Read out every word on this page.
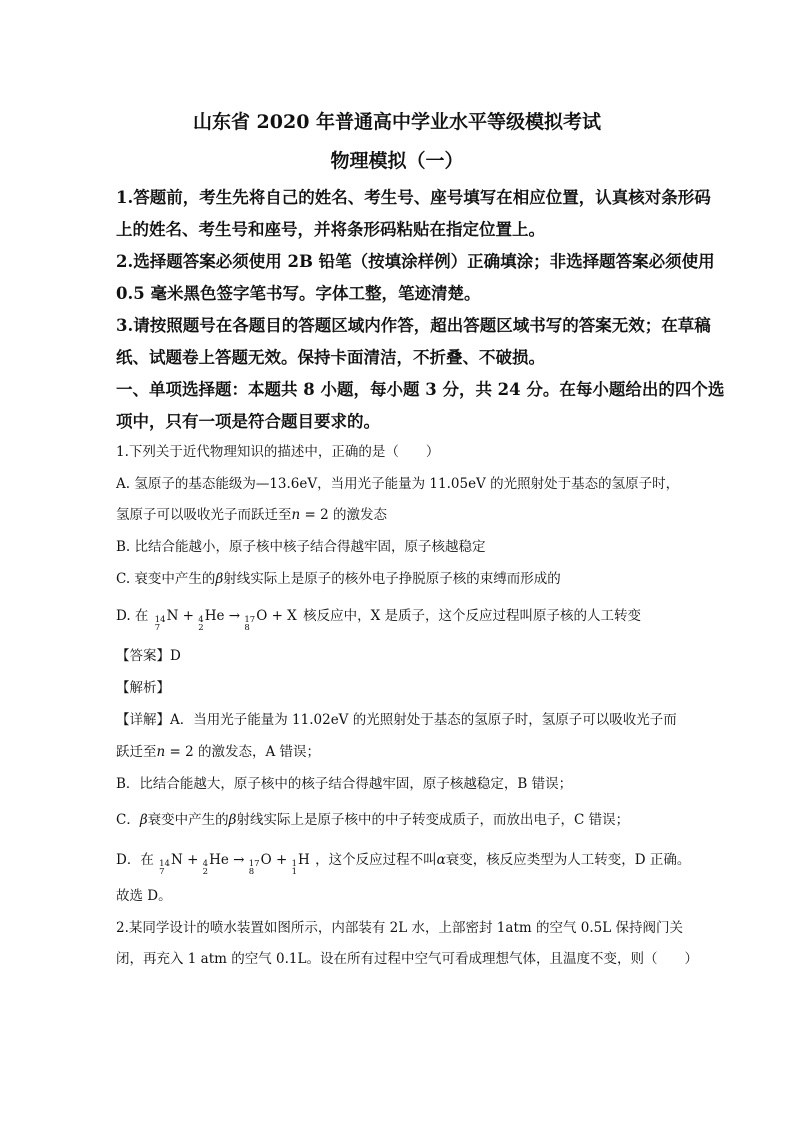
山东省 2020 年普通高中学业水平等级模拟考试
物理模拟（一）
1.答题前，考生先将自己的姓名、考生号、座号填写在相应位置，认真核对条形码
上的姓名、考生号和座号，并将条形码粘贴在指定位置上。
2.选择题答案必须使用 2B 铅笔（按填涂样例）正确填涂；非选择题答案必须使用
0.5 毫米黑色签字笔书写。字体工整，笔迹清楚。
3.请按照题号在各题目的答题区域内作答，超出答题区域书写的答案无效；在草稿
纸、试题卷上答题无效。保持卡面清洁，不折叠、不破损。
一、单项选择题：本题共 8 小题，每小题 3 分，共 24 分。在每小题给出的四个选
项中，只有一项是符合题目要求的。
1.下列关于近代物理知识的描述中，正确的是（　　）
A. 氢原子的基态能级为—13.6eV，当用光子能量为 11.05eV 的光照射处于基态的氢原子时，
氢原子可以吸收光子而跃迁至n = 2 的激发态
B. 比结合能越小，原子核中核子结合得越牢固，原子核越稳定
C. 衰变中产生的β射线实际上是原子的核外电子挣脱原子核的束缚而形成的
D. 在 14
7
N + 4
2
He → 17
8
O + X 核反应中，X 是质子，这个反应过程叫原子核的人工转变
【答案】D
【解析】
【详解】A．当用光子能量为 11.02eV 的光照射处于基态的氢原子时，氢原子可以吸收光子而
跃迁至n = 2 的激发态，A 错误；
B．比结合能越大，原子核中的核子结合得越牢固，原子核越稳定，B 错误；
C．β衰变中产生的β射线实际上是原子核中的中子转变成质子，而放出电子，C 错误；
D．在 14
7
N + 4
2
He → 17
8
O + 1
1
H ，这个反应过程不叫α衰变，核反应类型为人工转变，D 正确。
故选 D。
2.某同学设计的喷水装置如图所示，内部装有 2L 水，上部密封 1atm 的空气 0.5L 保持阀门关
闭，再充入 1 atm 的空气 0.1L。设在所有过程中空气可看成理想气体，且温度不变，则（　　）
